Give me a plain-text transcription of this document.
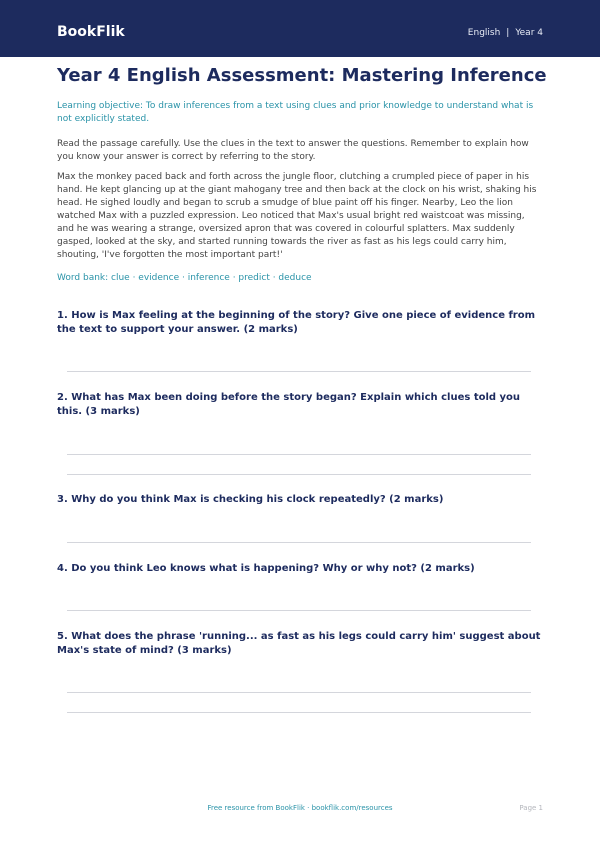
BookFlik	English | Year 4
Year 4 English Assessment: Mastering Inference
Learning objective: To draw inferences from a text using clues and prior knowledge to understand what is not explicitly stated.
Read the passage carefully. Use the clues in the text to answer the questions. Remember to explain how you know your answer is correct by referring to the story.
Max the monkey paced back and forth across the jungle floor, clutching a crumpled piece of paper in his hand. He kept glancing up at the giant mahogany tree and then back at the clock on his wrist, shaking his head. He sighed loudly and began to scrub a smudge of blue paint off his finger. Nearby, Leo the lion watched Max with a puzzled expression. Leo noticed that Max's usual bright red waistcoat was missing, and he was wearing a strange, oversized apron that was covered in colourful splatters. Max suddenly gasped, looked at the sky, and started running towards the river as fast as his legs could carry him, shouting, 'I've forgotten the most important part!'
Word bank: clue · evidence · inference · predict · deduce
1. How is Max feeling at the beginning of the story? Give one piece of evidence from the text to support your answer. (2 marks)
2. What has Max been doing before the story began? Explain which clues told you this. (3 marks)
3. Why do you think Max is checking his clock repeatedly? (2 marks)
4. Do you think Leo knows what is happening? Why or why not? (2 marks)
5. What does the phrase 'running... as fast as his legs could carry him' suggest about Max's state of mind? (3 marks)
Free resource from BookFlik · bookflik.com/resources	Page 1
